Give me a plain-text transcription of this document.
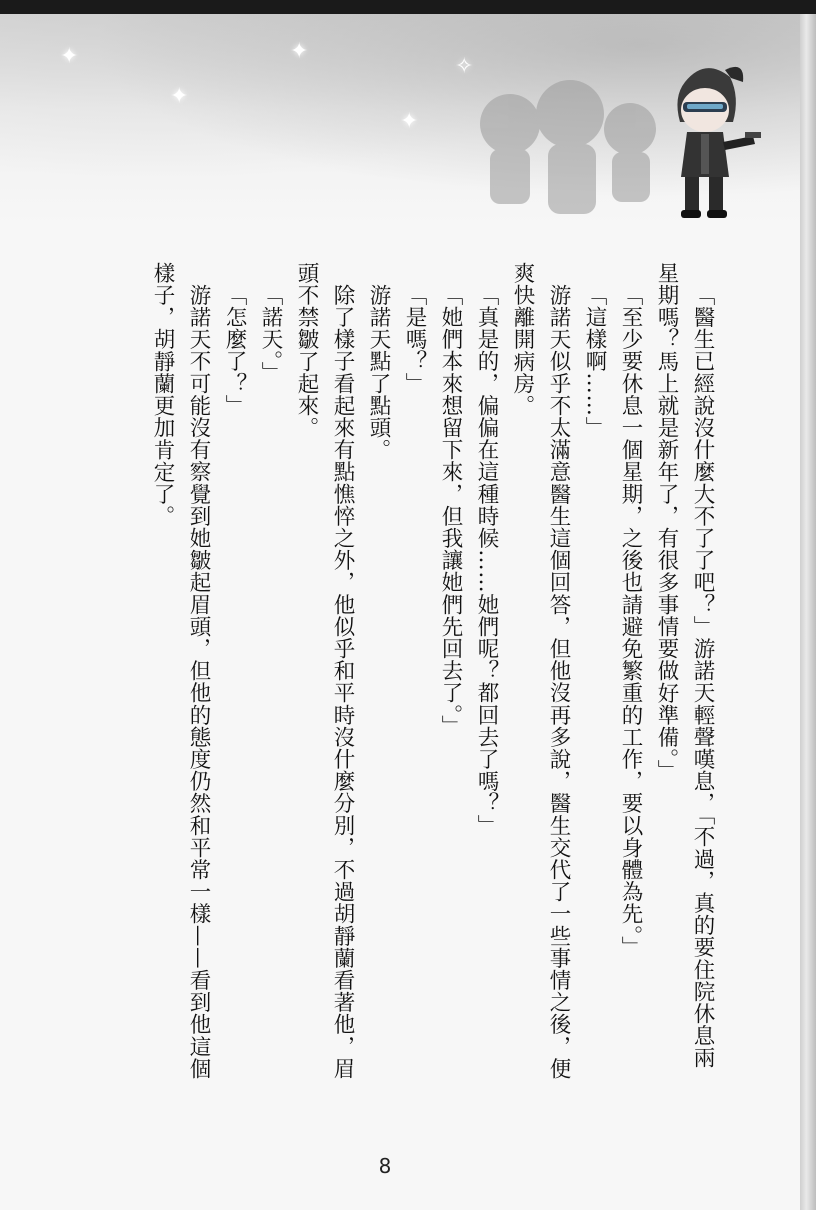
✦
✦
✦
✦
✧

「醫生已經說沒什麼大不了了吧？」游諾天輕聲嘆息，「不過，真的要住院休息兩星期嗎？馬上就是新年了，有很多事情要做好準備。」

「至少要休息一個星期，之後也請避免繁重的工作，要以身體為先。」

「這樣啊……」

游諾天似乎不太滿意醫生這個回答，但他沒再多說，醫生交代了一些事情之後，便爽快離開病房。

「真是的，偏偏在這種時候……她們呢？都回去了嗎？」

「她們本來想留下來，但我讓她們先回去了。」

「是嗎？」

游諾天點了點頭。

除了樣子看起來有點憔悴之外，他似乎和平時沒什麼分別，不過胡靜蘭看著他，眉頭不禁皺了起來。

「諾天。」

「怎麼了？」

游諾天不可能沒有察覺到她皺起眉頭，但他的態度仍然和平常一樣——看到他這個樣子，胡靜蘭更加肯定了。

8
